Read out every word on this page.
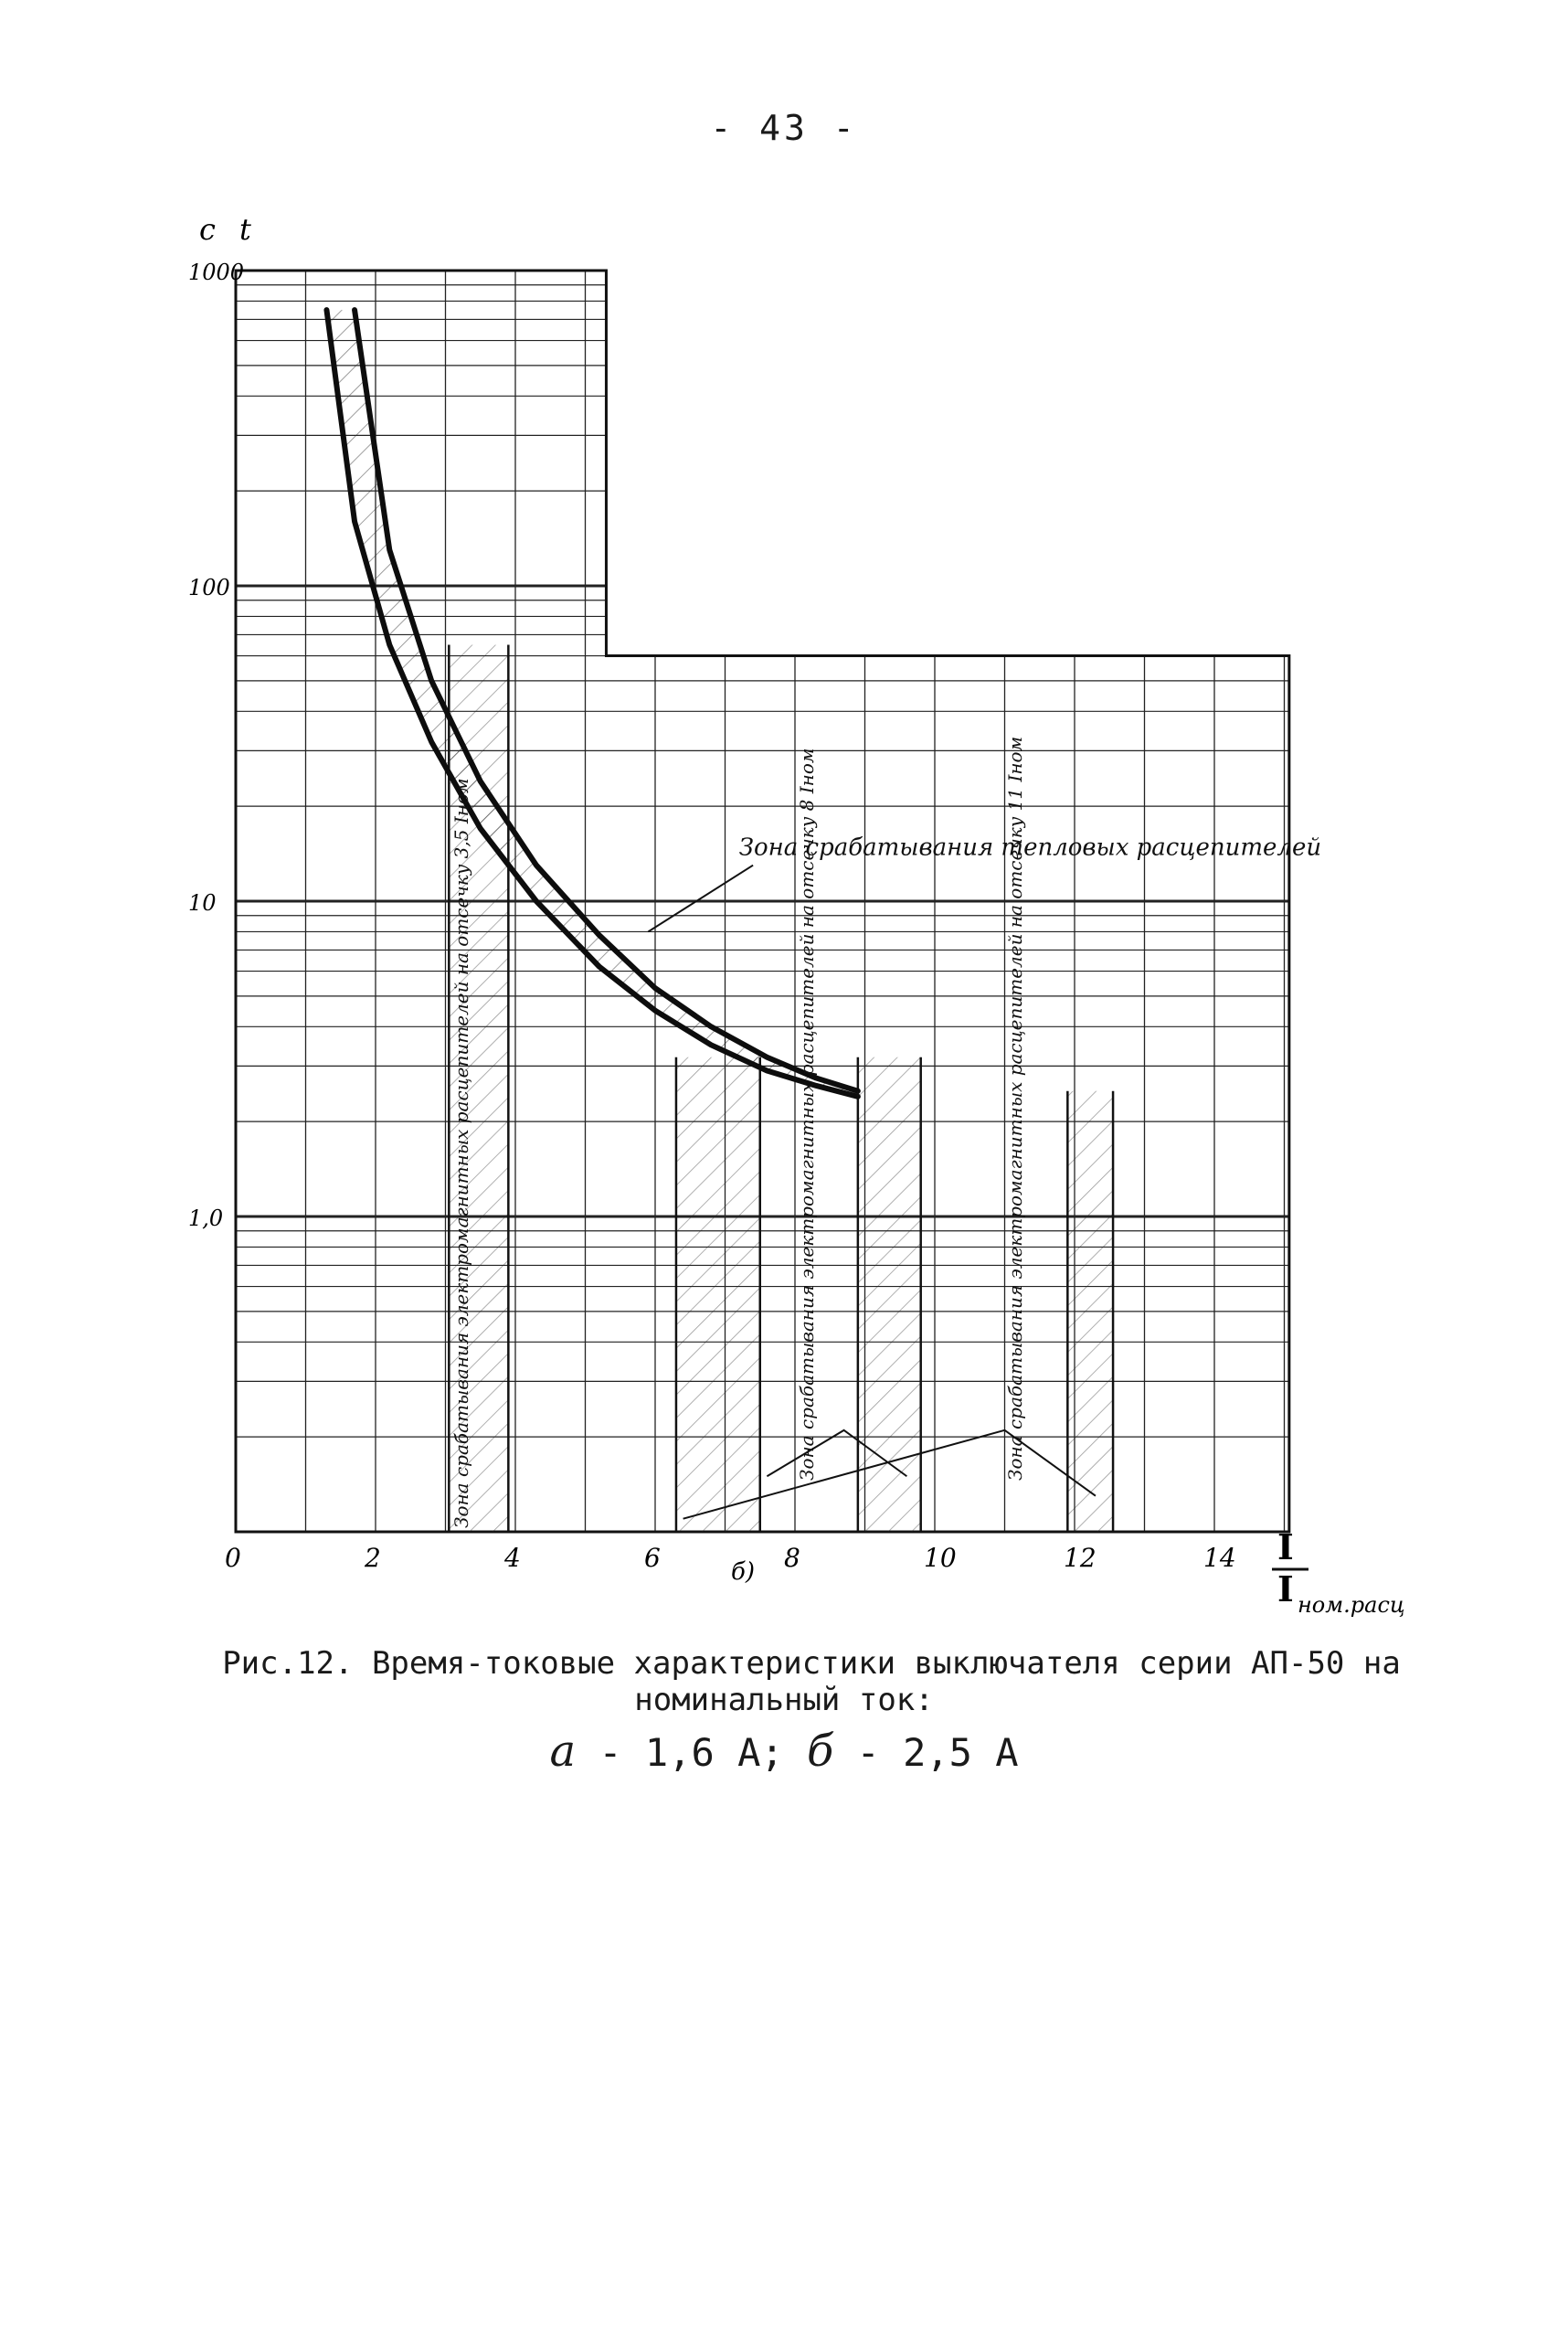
- 43 -
1000
100
10
1,0
0	2	4	6	8	10	12	14
с t
I
I ном.расц
Зона срабатывания тепловых расцепителей
Зона срабатывания электромагнитных расцепителей на отсечку 3,5 Iном	Зона срабатывания электромагнитных расцепителей на отсечку 8 Iном	Зона срабатывания электромагнитных расцепителей на отсечку 11 Iном
б)
Рис.12. Время-токовые характеристики выключателя серии АП-50 на
номинальный ток:
а - 1,6 А; б - 2,5 А
